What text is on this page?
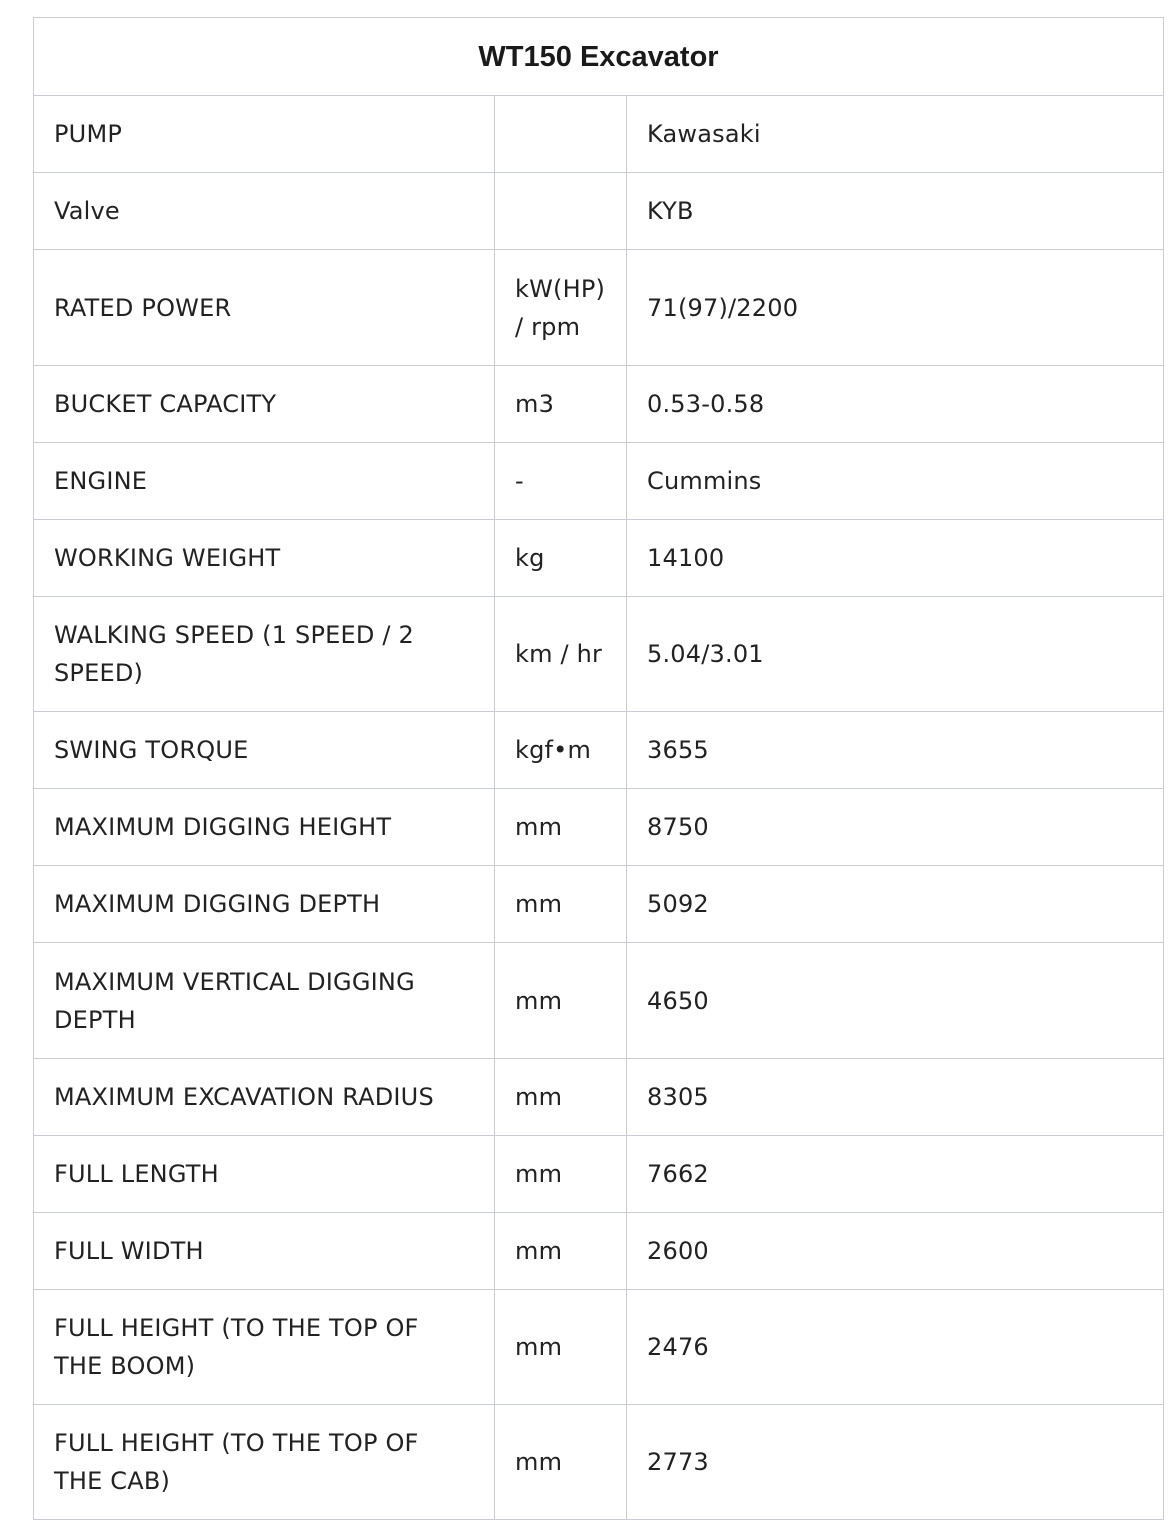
WT150 Excavator		
PUMP		Kawasaki
Valve		KYB
RATED POWER	kW(HP) / rpm	71(97)/2200
BUCKET CAPACITY	m3	0.53-0.58
ENGINE	-	Cummins
WORKING WEIGHT	kg	14100
WALKING SPEED (1 SPEED / 2 SPEED)	km / hr	5.04/3.01
SWING TORQUE	kgf•m	3655
MAXIMUM DIGGING HEIGHT	mm	8750
MAXIMUM DIGGING DEPTH	mm	5092
MAXIMUM VERTICAL DIGGING DEPTH	mm	4650
MAXIMUM EXCAVATION RADIUS	mm	8305
FULL LENGTH	mm	7662
FULL WIDTH	mm	2600
FULL HEIGHT (TO THE TOP OF THE BOOM)	mm	2476
FULL HEIGHT (TO THE TOP OF THE CAB)	mm	2773
